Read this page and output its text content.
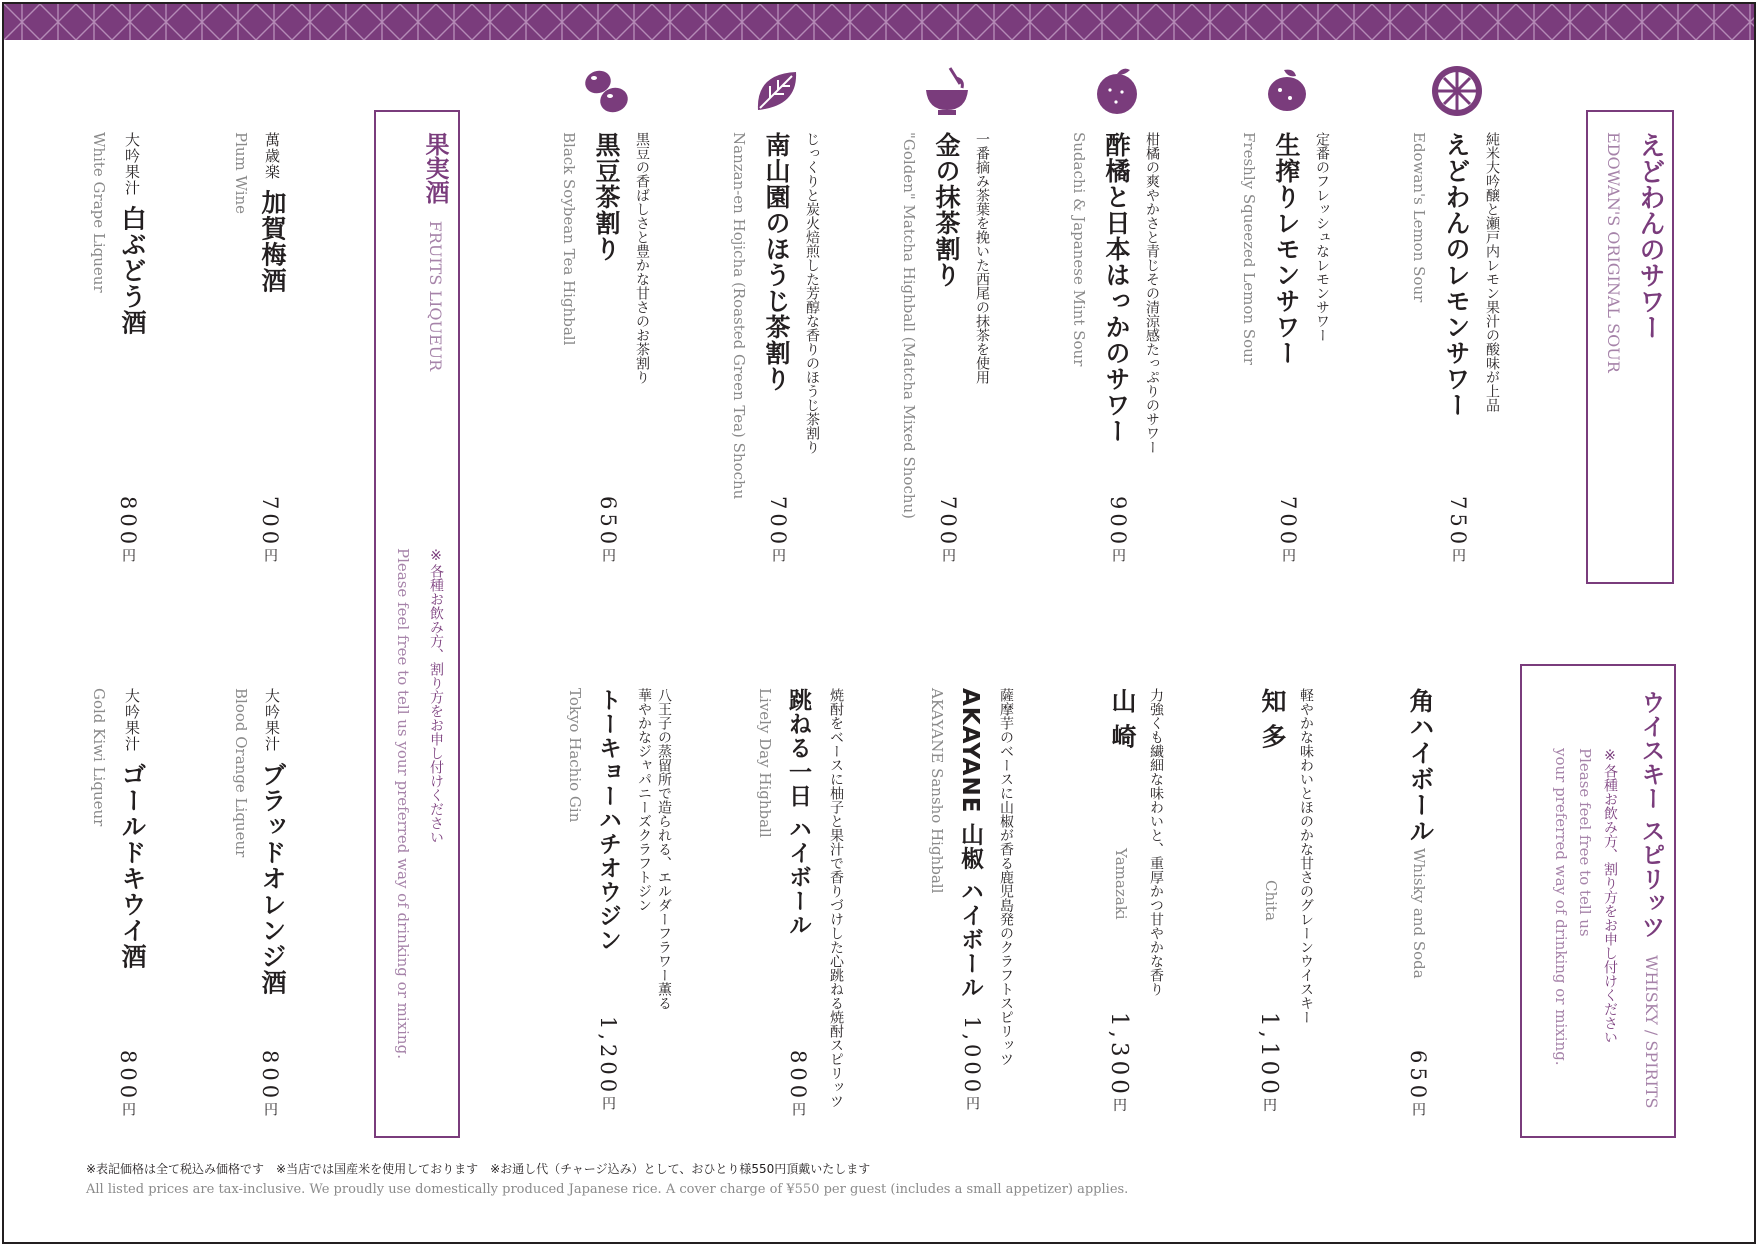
えどわんのサワー
EDOWAN'S ORIGINAL SOUR
純米大吟醸と瀬戸内レモン果汁の酸味が上品
えどわんのレモンサワー
Edowan's Lemon Sour
750円
定番のフレッシュなレモンサワー
生搾りレモンサワー
Freshly Squeezed Lemon Sour
700円
柑橘の爽やかさと青じその清涼感たっぷりのサワー
酢橘と日本はっかのサワー
Sudachi & Japanese Mint Sour
900円
一番摘み茶葉を挽いた西尾の抹茶を使用
金の抹茶割り
"Golden" Matcha Highball (Matcha Mixed Shochu)
700円
じっくりと炭火焙煎した芳醇な香りのほうじ茶割り
南山園のほうじ茶割り
Nanzan-en Hojicha (Roasted Green Tea) Shochu
700円
黒豆の香ばしさと豊かな甘さのお茶割り
黒豆茶割り
Black Soybean Tea Highball
650円
ウイスキー スピリッツ  WHISKY / SPIRITS
※各種お飲み方、割り方をお申し付けください
Please feel free to tell us
your preferred way of drinking or mixing.
角ハイボール
Whisky and Soda
650円
軽やかな味わいとほのかな甘さのグレーンウイスキー
知 多
Chita
1,100円
力強くも繊細な味わいと、重厚かつ甘やかな香り
山 崎
Yamazaki
1,300円
薩摩芋のベースに山椒が香る鹿児島発のクラフトスピリッツ
AKAYANE 山椒 ハイボール
AKAYANE Sansho Highball
1,000円
焼酎をベースに柚子と果汁で香りづけした心跳ねる焼酎スピリッツ
跳ねる一日 ハイボール
Lively Day Highball
800円
八王子の蒸留所で造られる、エルダーフラワー薫る
華やかなジャパニーズクラフトジン
トーキョーハチオウジン
Tokyo Hachio Gin
1,200円
果実酒  FRUITS LIQUEUR
※各種お飲み方、割り方をお申し付けください
Please feel free to tell us your preferred way of drinking or mixing.
萬歳楽 加賀梅酒
Plum Wine
700円
大吟果汁 白ぶどう酒
White Grape Liqueur
800円
大吟果汁 ブラッドオレンジ酒
Blood Orange Liqueur
800円
大吟果汁 ゴールドキウイ酒
Gold Kiwi Liqueur
800円
※表記価格は全て税込み価格です　※当店では国産米を使用しております　※お通し代（チャージ込み）として、おひとり様550円頂戴いたします
All listed prices are tax-inclusive. We proudly use domestically produced Japanese rice. A cover charge of ¥550 per guest (includes a small appetizer) applies.
